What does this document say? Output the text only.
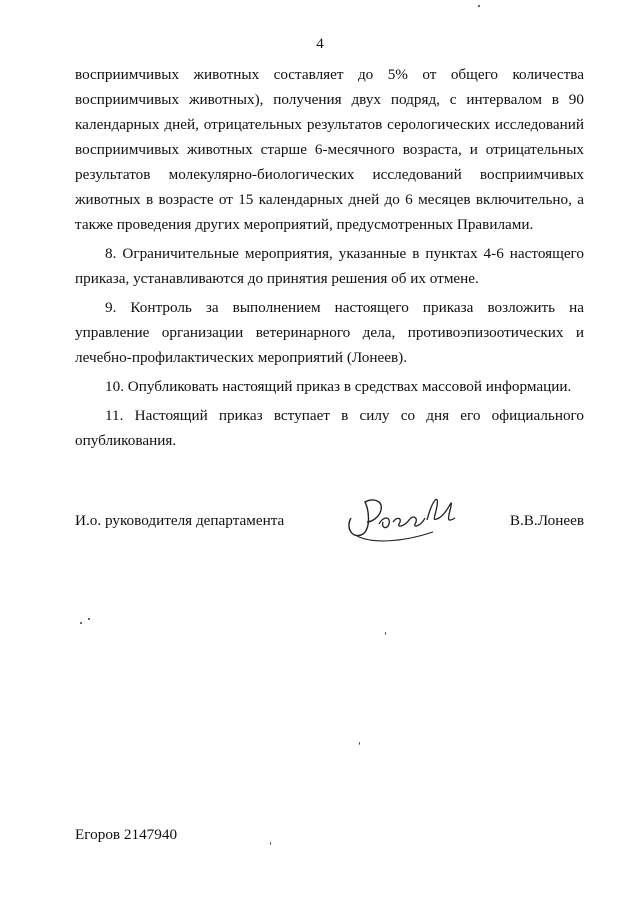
4

восприимчивых животных составляет до 5% от общего количества восприимчивых животных), получения двух подряд, с интервалом в 90 календарных дней, отрицательных результатов серологических исследований восприимчивых животных старше 6-месячного возраста, и отрицательных результатов молекулярно-биологических исследований восприимчивых животных в возрасте от 15 календарных дней до 6 месяцев включительно, а также проведения других мероприятий, предусмотренных Правилами.

8. Ограничительные мероприятия, указанные в пунктах 4-6 настоящего приказа, устанавливаются до принятия решения об их отмене.

9. Контроль за выполнением настоящего приказа возложить на управление организации ветеринарного дела, противоэпизоотических и лечебно-профилактических мероприятий (Лонеев).

10. Опубликовать настоящий приказ в средствах массовой информации.

11. Настоящий приказ вступает в силу со дня его официального опубликования.

И.о. руководителя департамента	В.В.Лонеев
Егоров 2147940
